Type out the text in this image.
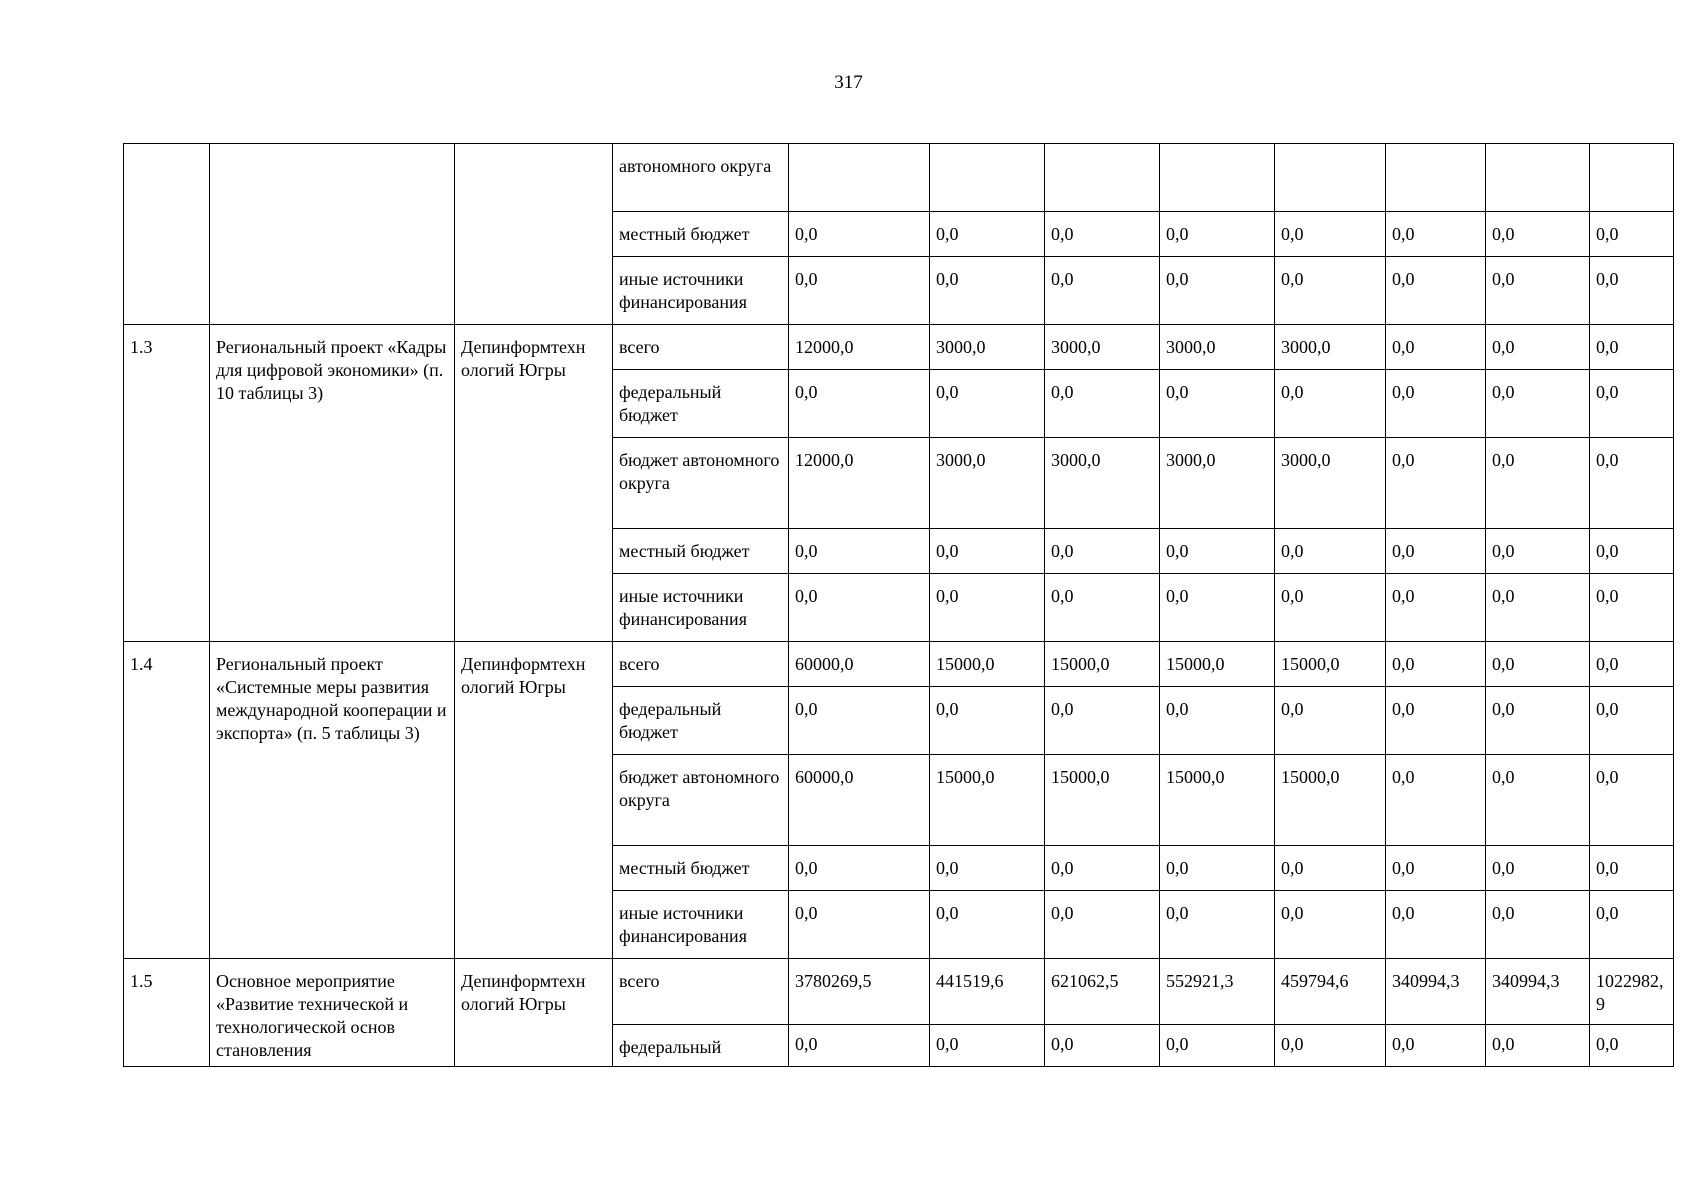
317
			автономного округа								
			местный бюджет	0,0	0,0	0,0	0,0	0,0	0,0	0,0	0,0
			иные источники финансирования	0,0	0,0	0,0	0,0	0,0	0,0	0,0	0,0
1.3	Региональный проект «Кадры для цифровой экономики» (п. 10 таблицы 3)	Депинформтехн ологий Югры	всего	12000,0	3000,0	3000,0	3000,0	3000,0	0,0	0,0	0,0
			федеральный бюджет	0,0	0,0	0,0	0,0	0,0	0,0	0,0	0,0
			бюджет автономного округа	12000,0	3000,0	3000,0	3000,0	3000,0	0,0	0,0	0,0
			местный бюджет	0,0	0,0	0,0	0,0	0,0	0,0	0,0	0,0
			иные источники финансирования	0,0	0,0	0,0	0,0	0,0	0,0	0,0	0,0
1.4	Региональный проект «Системные меры развития международной кооперации и экспорта» (п. 5 таблицы 3)	Депинформтехн ологий Югры	всего	60000,0	15000,0	15000,0	15000,0	15000,0	0,0	0,0	0,0
			федеральный бюджет	0,0	0,0	0,0	0,0	0,0	0,0	0,0	0,0
			бюджет автономного округа	60000,0	15000,0	15000,0	15000,0	15000,0	0,0	0,0	0,0
			местный бюджет	0,0	0,0	0,0	0,0	0,0	0,0	0,0	0,0
			иные источники финансирования	0,0	0,0	0,0	0,0	0,0	0,0	0,0	0,0
1.5	Основное мероприятие «Развитие технической и технологической основ становления	Депинформтехн ологий Югры	всего	3780269,5	441519,6	621062,5	552921,3	459794,6	340994,3	340994,3	1022982,9
			федеральный	0,0	0,0	0,0	0,0	0,0	0,0	0,0	0,0
